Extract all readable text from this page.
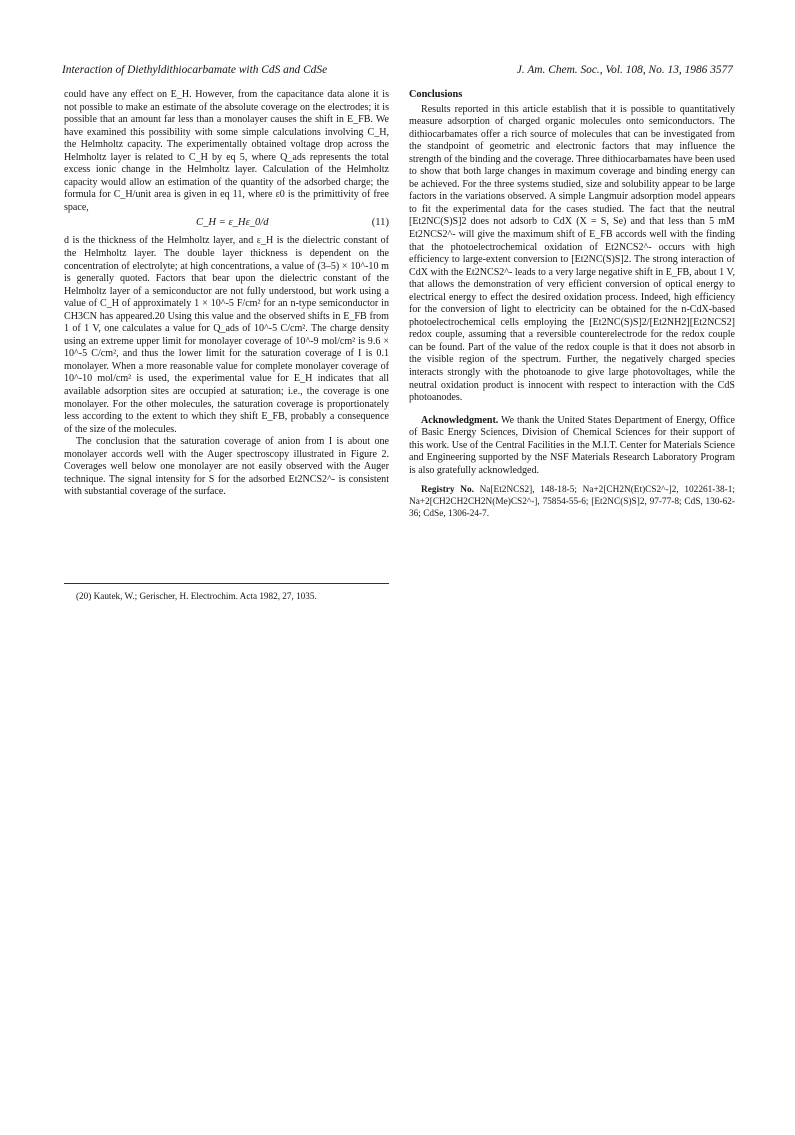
Interaction of Diethyldithiocarbamate with CdS and CdSe	J. Am. Chem. Soc., Vol. 108, No. 13, 1986 3577

could have any effect on E_H. However, from the capacitance data alone it is not possible to make an estimate of the absolute coverage on the electrodes; it is possible that an amount far less than a monolayer causes the shift in E_FB. We have examined this possibility with some simple calculations involving C_H, the Helmholtz capacity. The experimentally obtained voltage drop across the Helmholtz layer is related to C_H by eq 5, where Q_ads represents the total excess ionic change in the Helmholtz layer. Calculation of the Helmholtz capacity would allow an estimation of the quantity of the adsorbed charge; the formula for C_H/unit area is given in eq 11, where ε0 is the primittivity of free space,

C_H = ε_Hε_0/d	(11)

d is the thickness of the Helmholtz layer, and ε_H is the dielectric constant of the Helmholtz layer. The double layer thickness is dependent on the concentration of electrolyte; at high concentrations, a value of (3–5) × 10^-10 m is generally quoted. Factors that bear upon the dielectric constant of the Helmholtz layer of a semiconductor are not fully understood, but work using a value of C_H of approximately 1 × 10^-5 F/cm² for an n-type semiconductor in CH3CN has appeared.20 Using this value and the observed shifts in E_FB from 1 of 1 V, one calculates a value for Q_ads of 10^-5 C/cm². The charge density using an extreme upper limit for monolayer coverage of 10^-9 mol/cm² is 9.6 × 10^-5 C/cm², and thus the lower limit for the saturation coverage of I is 0.1 monolayer. When a more reasonable value for complete monolayer coverage of 10^-10 mol/cm² is used, the experimental value for E_H indicates that all available adsorption sites are occupied at saturation; i.e., the coverage is one monolayer. For the other molecules, the saturation coverage is proportionately less according to the extent to which they shift E_FB, probably a consequence of the size of the molecules.

The conclusion that the saturation coverage of anion from I is about one monolayer accords well with the Auger spectroscopy illustrated in Figure 2. Coverages well below one monolayer are not easily observed with the Auger technique. The signal intensity for S for the adsorbed Et2NCS2^- is consistent with substantial coverage of the surface.

(20) Kautek, W.; Gerischer, H. Electrochim. Acta 1982, 27, 1035.
Conclusions

Results reported in this article establish that it is possible to quantitatively measure adsorption of charged organic molecules onto semiconductors. The dithiocarbamates offer a rich source of molecules that can be investigated from the standpoint of geometric and electronic factors that may influence the strength of the binding and the coverage. Three dithiocarbamates have been used to show that both large changes in maximum coverage and binding energy can be achieved. For the three systems studied, size and solubility appear to be large factors in the variations observed. A simple Langmuir adsorption model appears to fit the experimental data for the cases studied. The fact that the neutral [Et2NC(S)S]2 does not adsorb to CdX (X = S, Se) and that less than 5 mM Et2NCS2^- will give the maximum shift of E_FB accords well with the finding that the photoelectrochemical oxidation of Et2NCS2^- occurs with high efficiency to large-extent conversion to [Et2NC(S)S]2. The strong interaction of CdX with the Et2NCS2^- leads to a very large negative shift in E_FB, about 1 V, that allows the demonstration of very efficient conversion of optical energy to electrical energy to effect the desired oxidation process. Indeed, high efficiency for the conversion of light to electricity can be obtained for the n-CdX-based photoelectrochemical cells employing the [Et2NC(S)S]2/[Et2NH2][Et2NCS2] redox couple, assuming that a reversible counterelectrode for the redox couple can be found. Part of the value of the redox couple is that it does not absorb in the visible region of the spectrum. Further, the negatively charged species interacts strongly with the photoanode to give large photovoltages, while the neutral oxidation product is innocent with respect to interaction with the CdS photoanodes.

Acknowledgment. We thank the United States Department of Energy, Office of Basic Energy Sciences, Division of Chemical Sciences for their support of this work. Use of the Central Facilities in the M.I.T. Center for Materials Science and Engineering supported by the NSF Materials Research Laboratory Program is also gratefully acknowledged.

Registry No. Na[Et2NCS2], 148-18-5; Na+2[CH2N(Et)CS2^-]2, 102261-38-1; Na+2[CH2CH2CH2N(Me)CS2^-], 75854-55-6; [Et2NC(S)S]2, 97-77-8; CdS, 130-62-36; CdSe, 1306-24-7.
